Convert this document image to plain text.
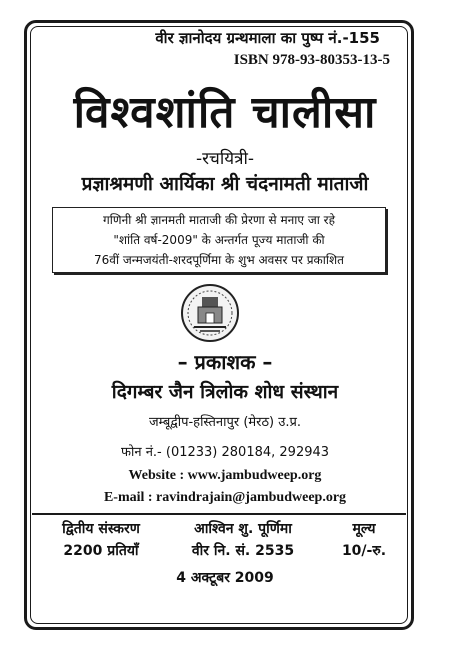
वीर ज्ञानोदय ग्रन्थमाला का पुष्प नं.-155
ISBN 978-93-80353-13-5
विश्वशांति चालीसा
-रचयित्री-
प्रज्ञाश्रमणी आर्यिका श्री चंदनामती माताजी
गणिनी श्री ज्ञानमती माताजी की प्रेरणा से मनाए जा रहे
"शांति वर्ष-2009" के अन्तर्गत पूज्य माताजी की
76वीं जन्मजयंती-शरदपूर्णिमा के शुभ अवसर पर प्रकाशित
– प्रकाशक –
दिगम्बर जैन त्रिलोक शोध संस्थान
जम्बूद्वीप-हस्तिनापुर (मेरठ) उ.प्र.
फोन नं.- (01233) 280184, 292943
Website : www.jambudweep.org
E-mail : ravindrajain@jambudweep.org
द्वितीय संस्करण
2200 प्रतियाँ
आश्विन शु. पूर्णिमा
वीर नि. सं. 2535
मूल्य
10/-रु.
4 अक्टूबर 2009
